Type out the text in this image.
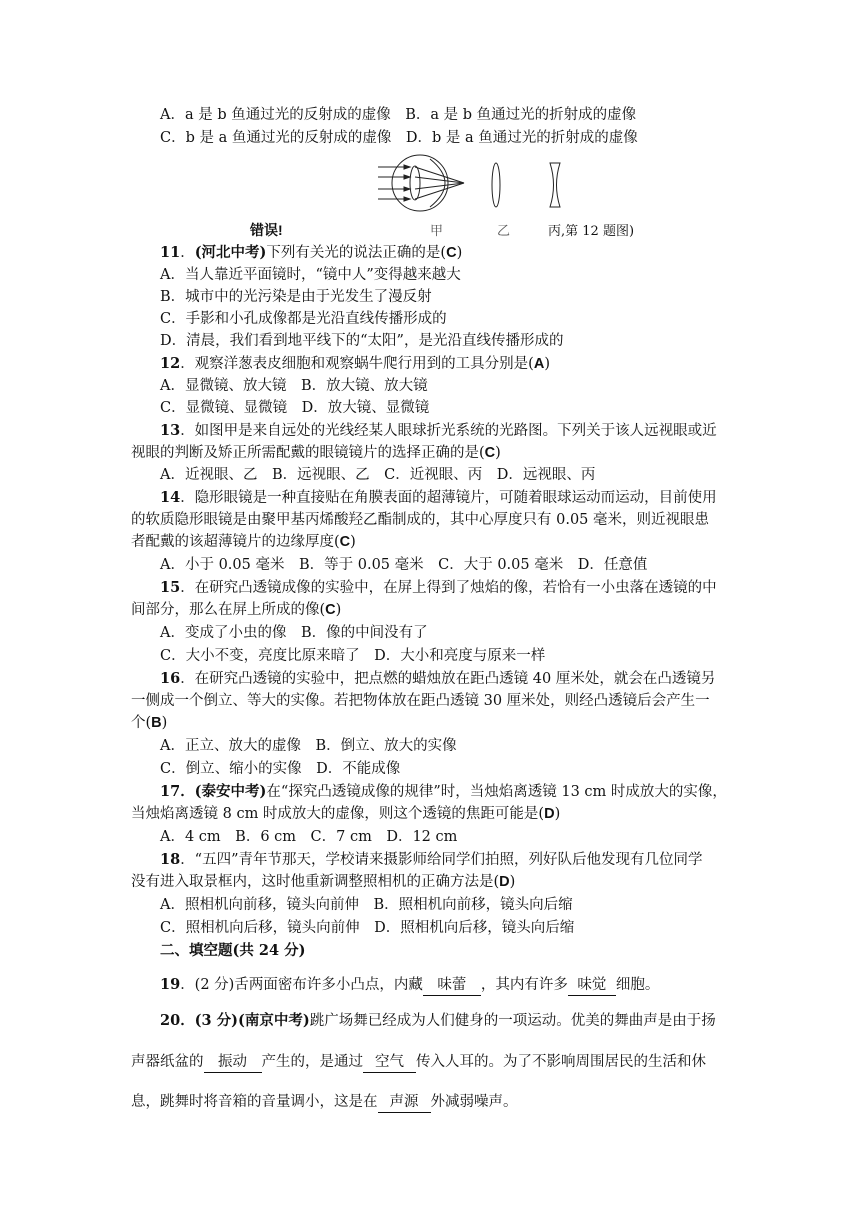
A．a 是 b 鱼通过光的反射成的虚像　B．a 是 b 鱼通过光的折射成的虚像
C．b 是 a 鱼通过光的反射成的虚像　D．b 是 a 鱼通过光的折射成的虚像
错误!	甲	乙	丙,第 12 题图)
11．(河北中考)下列有关光的说法正确的是(C)
A．当人靠近平面镜时，“镜中人”变得越来越大
B．城市中的光污染是由于光发生了漫反射
C．手影和小孔成像都是光沿直线传播形成的
D．清晨，我们看到地平线下的“太阳”，是光沿直线传播形成的
12．观察洋葱表皮细胞和观察蜗牛爬行用到的工具分别是(A)
A．显微镜、放大镜　B．放大镜、放大镜
C．显微镜、显微镜　D．放大镜、显微镜
13．如图甲是来自远处的光线经某人眼球折光系统的光路图。下列关于该人远视眼或近
视眼的判断及矫正所需配戴的眼镜镜片的选择正确的是(C)
A．近视眼、乙　B．远视眼、乙　C．近视眼、丙　D．远视眼、丙
14．隐形眼镜是一种直接贴在角膜表面的超薄镜片，可随着眼球运动而运动，目前使用
的软质隐形眼镜是由聚甲基丙烯酸羟乙酯制成的，其中心厚度只有 0.05 毫米，则近视眼患
者配戴的该超薄镜片的边缘厚度(C)
A．小于 0.05 毫米　B．等于 0.05 毫米　C．大于 0.05 毫米　D．任意值
15．在研究凸透镜成像的实验中，在屏上得到了烛焰的像，若恰有一小虫落在透镜的中
间部分，那么在屏上所成的像(C)
A．变成了小虫的像　B．像的中间没有了
C．大小不变，亮度比原来暗了　D．大小和亮度与原来一样
16．在研究凸透镜的实验中，把点燃的蜡烛放在距凸透镜 40 厘米处，就会在凸透镜另
一侧成一个倒立、等大的实像。若把物体放在距凸透镜 30 厘米处，则经凸透镜后会产生一
个(B)
A．正立、放大的虚像　B．倒立、放大的实像
C．倒立、缩小的实像　D．不能成像
17．(泰安中考)在“探究凸透镜成像的规律”时，当烛焰离透镜 13 cm 时成放大的实像，
当烛焰离透镜 8 cm 时成放大的虚像，则这个透镜的焦距可能是(D)
A．4 cm　B．6 cm　C．7 cm　D．12 cm
18．“五四”青年节那天，学校请来摄影师给同学们拍照，列好队后他发现有几位同学
没有进入取景框内，这时他重新调整照相机的正确方法是(D)
A．照相机向前移，镜头向前伸　B．照相机向前移，镜头向后缩
C．照相机向后移，镜头向前伸　D．照相机向后移，镜头向后缩
二、填空题(共 24 分)
19．(2 分)舌两面密布许多小凸点，内藏 味蕾 ，其内有许多 味觉 细胞。
20．(3 分)(南京中考)跳广场舞已经成为人们健身的一项运动。优美的舞曲声是由于扬
声器纸盆的 振动 产生的，是通过 空气 传入人耳的。为了不影响周围居民的生活和休
息，跳舞时将音箱的音量调小，这是在 声源 外减弱噪声。
